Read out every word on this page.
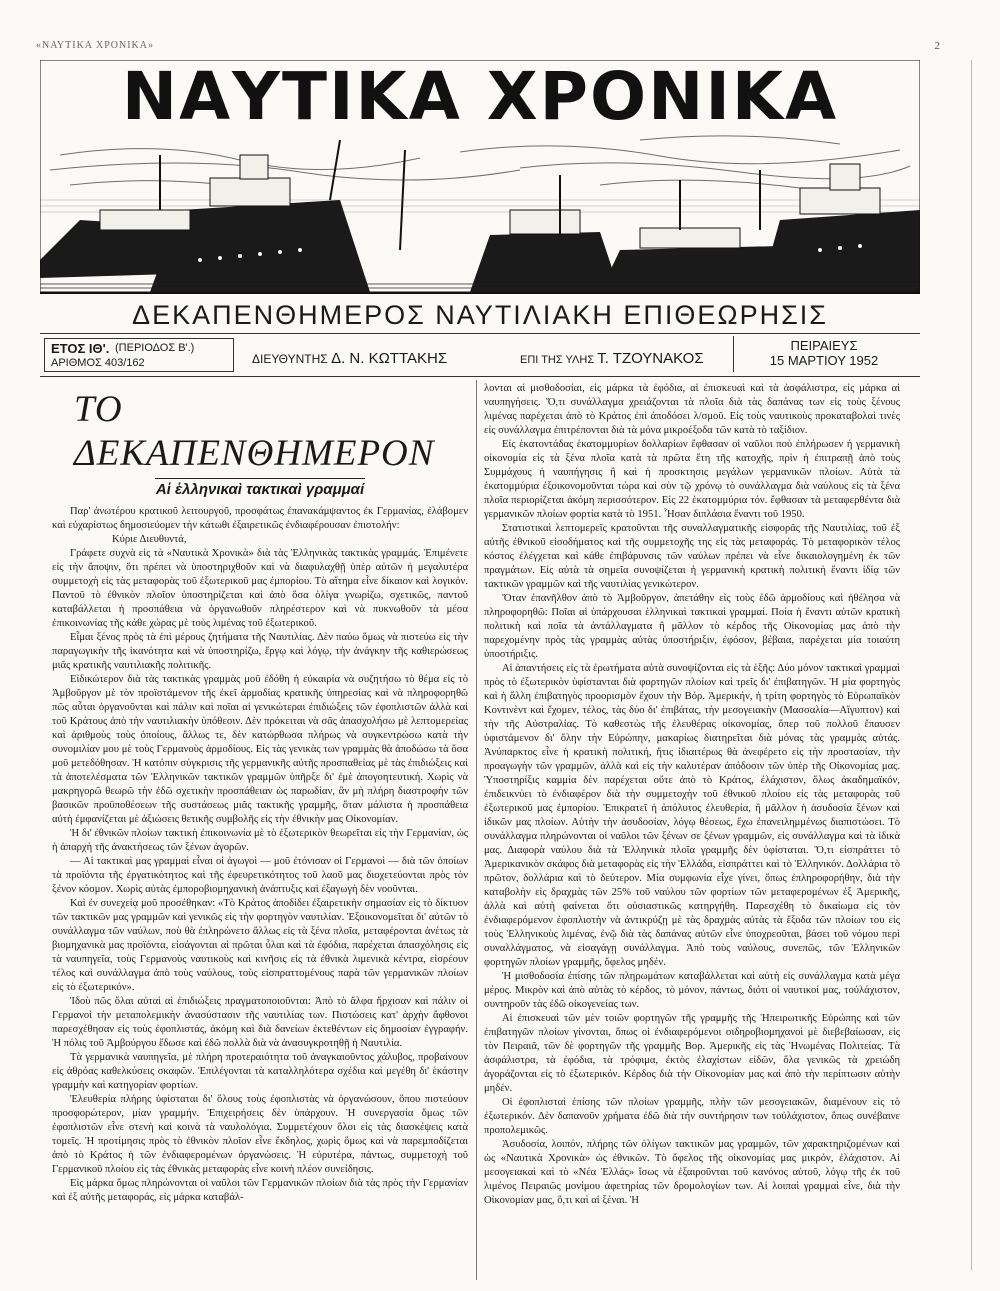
«ΝΑΥΤΙΚΑ ΧΡΟΝΙΚΑ»	2
ΝΑΥΤΙΚΑ ΧΡΟΝΙΚΑ
ΔΕΚΑΠΕΝΘΗΜΕΡΟΣ ΝΑΥΤΙΛΙΑΚΗ ΕΠΙΘΕΩΡΗΣΙΣ
ΕΤΟΣ ΙΘ'. (ΠΕΡΙΟΔΟΣ Β'.)
ΑΡΙΘΜΟΣ 403/162	ΔΙΕΥΘΥΝΤΗΣ Δ. Ν. ΚΩΤΤΑΚΗΣ	ΕΠΙ ΤΗΣ ΥΛΗΣ Τ. ΤΖΟΥΝΑΚΟΣ
ΠΕΙΡΑΙΕΥΣ
15 ΜΑΡΤΙΟΥ 1952
ΤΟ ΔΕΚΑΠΕΝΘΗΜΕΡΟΝ
Αἱ ἑλληνικαὶ τακτικαὶ γραμμαί

Παρ' ἀνωτέρου κρατικοῦ λειτουργοῦ, προσφάτως ἐπανακάμψαντος ἐκ Γερμανίας, ἐλάβομεν καὶ εὐχαρίστως δημοσιεύομεν τὴν κάτωθι ἐξαιρετικῶς ἐνδιαφέρουσαν ἐπιστολήν:

Κύριε Διευθυντά,

Γράφετε συχνὰ εἰς τὰ «Ναυτικὰ Χρονικὰ» διὰ τὰς Ἑλληνικὰς τακτικὰς γραμμάς. Ἐπιμένετε εἰς τὴν ἄποψιν, ὅτι πρέπει νὰ ὑποστηριχθοῦν καὶ νὰ διαφυλαχθῇ ὑπὲρ αὐτῶν ἡ μεγαλυτέρα συμμετοχὴ εἰς τὰς μεταφορὰς τοῦ ἐξωτερικοῦ μας ἐμπορίου. Τὸ αἴτημα εἶνε δίκαιον καὶ λογικόν. Παντοῦ τὸ ἐθνικὸν πλοῖον ὑποστηρίζεται καὶ ἀπὸ ὅσα ὀλίγα γνωρίζω, σχετικῶς, παντοῦ καταβάλλεται ἡ προσπάθεια νὰ ὀργανωθοῦν πληρέστερον καὶ νὰ πυκνωθοῦν τὰ μέσα ἐπικοινωνίας τῆς κάθε χώρας μὲ τοὺς λιμένας τοῦ ἐξωτερικοῦ.

Εἶμαι ξένος πρὸς τὰ ἐπὶ μέρους ζητήματα τῆς Ναυτιλίας. Δὲν παύω ὅμως νὰ πιστεύω εἰς τὴν παραγωγικὴν τῆς ἱκανότητα καὶ νὰ ὑποστηρίζω, ἔργῳ καὶ λόγῳ, τὴν ἀνάγκην τῆς καθιερώσεως μιᾶς κρατικῆς ναυτιλιακῆς πολιτικῆς.

Εἰδικώτερον διὰ τὰς τακτικὰς γραμμὰς μοῦ ἐδόθη ἡ εὐκαιρία νὰ συζητήσω τὸ θέμα εἰς τὸ Ἀμβοῦργον μὲ τὸν προϊστάμενον τῆς ἐκεῖ ἁρμοδίας κρατικῆς ὑπηρεσίας καὶ νὰ πληροφορηθῶ πῶς αὗται ὀργανοῦνται καὶ πάλιν καὶ ποῖαι αἱ γενικώτεραι ἐπιδιώξεις τῶν ἐφοπλιστῶν ἀλλὰ καὶ τοῦ Κράτους ἀπὸ τὴν ναυτιλιακὴν ὑπόθεσιν. Δὲν πρόκειται νὰ σᾶς ἀπασχολήσω μὲ λεπτομερείας καὶ ἀριθμοὺς τοὺς ὁποίους, ἄλλως τε, δὲν κατώρθωσα πλήρως νὰ συγκεντρώσω κατὰ τὴν συνομιλίαν μου μὲ τοὺς Γερμανοὺς ἁρμοδίους. Εἰς τὰς γενικὰς των γραμμὰς θὰ ἀποδώσω τὰ ὅσα μοῦ μετεδόθησαν. Ἡ κατόπιν σύγκρισις τῆς γερμανικῆς αὐτῆς προσπαθείας μὲ τὰς ἐπιδιώξεις καὶ τὰ ἀποτελέσματα τῶν Ἑλληνικῶν τακτικῶν γραμμῶν ὑπῆρξε δι' ἐμὲ ἀπογοητευτική. Χωρὶς νὰ μακρηγορῶ θεωρῶ τὴν ἐδῶ σχετικὴν προσπάθειαν ὡς παρωδίαν, ἂν μὴ πλήρη διαστροφὴν τῶν βασικῶν προϋποθέσεων τῆς συστάσεως μιᾶς τακτικῆς γραμμῆς, ὅταν μάλιστα ἡ προσπάθεια αὐτὴ ἐμφανίζεται μὲ ἀξιώσεις θετικῆς συμβολῆς εἰς τὴν ἐθνικὴν μας Οἰκονομίαν.

Ἡ δι' ἐθνικῶν πλοίων τακτικὴ ἐπικοινωνία μὲ τὸ ἐξωτερικὸν θεωρεῖται εἰς τὴν Γερμανίαν, ὡς ἡ ἀπαρχὴ τῆς ἀνακτήσεως τῶν ξένων ἀγορῶν.

— Αἱ τακτικαὶ μας γραμμαὶ εἶναι οἱ ἀγωγοὶ — μοῦ ἐτόνισαν οἱ Γερμανοὶ — διὰ τῶν ὁποίων τὰ προϊόντα τῆς ἐργατικότητος καὶ τῆς ἐφευρετικότητος τοῦ λαοῦ μας διοχετεύονται πρὸς τὸν ξένον κόσμον. Χωρὶς αὐτὰς ἐμποροβιομηχανικὴ ἀνάπτυξις καὶ ἐξαγωγὴ δὲν νοοῦνται.

Καὶ ἐν συνεχείᾳ μοῦ προσέθηκαν: «Τὸ Κράτος ἀποδίδει ἐξαιρετικὴν σημασίαν εἰς τὸ δίκτυον τῶν τακτικῶν μας γραμμῶν καὶ γενικῶς εἰς τὴν φορτηγὸν ναυτιλίαν. Ἐξοικονομεῖται δι' αὐτῶν τὸ συνάλλαγμα τῶν ναύλων, ποὺ θὰ ἐπληρώνετο ἄλλως εἰς τὰ ξένα πλοῖα, μεταφέρονται ἀνέτως τὰ βιομηχανικὰ μας προϊόντα, εἰσάγονται αἱ πρῶται ὗλαι καὶ τὰ ἐφόδια, παρέχεται ἀπασχόλησις εἰς τὰ ναυπηγεῖα, τοὺς Γερμανοὺς ναυτικοὺς καὶ κινῆσις εἰς τὰ ἐθνικὰ λιμενικὰ κέντρα, εἰσρέουν τέλος καὶ συνάλλαγμα ἀπὸ τοὺς ναύλους, τοὺς εἰσπραττομένους παρὰ τῶν γερμανικῶν πλοίων εἰς τὸ ἐξωτερικόν».

Ἰδοὺ πῶς ὅλαι αὐταὶ αἱ ἐπιδιώξεις πραγματοποιοῦνται: Ἀπὸ τὸ ἄλφα ἤρχισαν καὶ πάλιν οἱ Γερμανοὶ τὴν μεταπολεμικὴν ἀνασύστασιν τῆς ναυτιλίας των. Πιστώσεις κατ' ἀρχὴν ἄφθονοι παρεσχέθησαν εἰς τοὺς ἐφοπλιστάς, ἀκόμη καὶ διὰ δανείων ἐκτεθέντων εἰς δημοσίαν ἐγγραφήν. Ἡ πόλις τοῦ Ἀμβούργου ἔδωσε καὶ ἐδῶ πολλὰ διὰ νὰ ἀνασυγκροτηθῇ ἡ Ναυτιλία.

Τὰ γερμανικὰ ναυπηγεῖα, μὲ πλήρη προτεραιότητα τοῦ ἀναγκαιοῦντος χάλυβος, προβαίνουν εἰς ἀθρόας καθελκύσεις σκαφῶν. Ἐπιλέγονται τὰ καταλληλότερα σχέδια καὶ μεγέθη δι' ἑκάστην γραμμὴν καὶ κατηγορίαν φορτίων.

Ἐλευθερία πλήρης ὑφίσταται δι' ὅλους τοὺς ἐφοπλιστὰς νὰ ὀργανώσουν, ὅπου πιστεύουν προσφορώτερον, μίαν γραμμήν. Ἐπιχειρήσεις δὲν ὑπάρχουν. Ἡ συνεργασία ὅμως τῶν ἐφοπλιστῶν εἶνε στενὴ καὶ κοινὰ τὰ ναυλολόγια. Συμμετέχουν ὅλοι εἰς τὰς διασκέψεις κατὰ τομεῖς. Ἡ προτίμησις πρὸς τὸ ἐθνικὸν πλοῖον εἶνε ἔκδηλος, χωρὶς ὅμως καὶ νὰ παρεμποδίζεται ἀπὸ τὸ Κράτος ἡ τῶν ἐνδιαφερομένων ὀργανώσεις. Ἡ εὐρυτέρα, πάντως, συμμετοχὴ τοῦ Γερμανικοῦ πλοίου εἰς τὰς ἐθνικὰς μεταφορὰς εἶνε κοινὴ πλέον συνείδησις.

Εἰς μάρκα ὅμως πληρώνονται οἱ ναῦλοι τῶν Γερμανικῶν πλοίων διὰ τὰς πρὸς τὴν Γερμανίαν καὶ ἐξ αὐτῆς μεταφοράς, εἰς μάρκα καταβάλ-

λονται αἱ μισθοδοσίαι, εἰς μάρκα τὰ ἐφόδια, αἱ ἐπισκευαὶ καὶ τὰ ἀσφάλιστρα, εἰς μάρκα αἱ ναυπηγήσεις. Ὅ,τι συνάλλαγμα χρειάζονται τὰ πλοῖα διὰ τὰς δαπάνας των εἰς τοὺς ξένους λιμένας παρέχεται ἀπὸ τὸ Κράτος ἐπὶ ἀποδόσει λ/σμοῦ. Εἰς τοὺς ναυτικοὺς προκαταβολαὶ τινὲς εἰς συνάλλαγμα ἐπιτρέπονται διὰ τὰ μόνα μικροέξοδα τῶν κατὰ τὸ ταξίδιον.

Εἰς ἑκατοντάδας ἑκατομμυρίων δολλαρίων ἔφθασαν οἱ ναῦλοι ποὺ ἐπλήρωσεν ἡ γερμανικὴ οἰκονομία εἰς τὰ ξένα πλοῖα κατὰ τὰ πρῶτα ἔτη τῆς κατοχῆς, πρὶν ἡ ἐπιτραπῇ ἀπὸ τοὺς Συμμάχους ἡ ναυπήγησις ἢ καὶ ἡ προσκτησις μεγάλων γερμανικῶν πλοίων. Αὐτὰ τὰ ἑκατομμύρια ἐξοικονομοῦνται τώρα καὶ σὺν τῷ χρόνῳ τὸ συνάλλαγμα διὰ ναύλους εἰς τὰ ξένα πλοῖα περιορίζεται ἀκόμη περισσότερον. Εἰς 22 ἑκατομμύρια τόν. ἔφθασαν τὰ μεταφερθέντα διὰ γερμανικῶν πλοίων φορτία κατὰ τὸ 1951. Ἦσαν διπλάσια ἔναντι τοῦ 1950.

Στατιστικαὶ λεπτομερεῖς κρατοῦνται τῆς συναλλαγματικῆς εἰσφορᾶς τῆς Ναυτιλίας, τοῦ ἐξ αὐτῆς ἐθνικοῦ εἰσοδήματος καὶ τῆς συμμετοχῆς της εἰς τὰς μεταφοράς. Τὸ μεταφορικὸν τέλος κόστος ἐλέγχεται καὶ κάθε ἐπιβάρυνσις τῶν ναύλων πρέπει νὰ εἶνε δικαιολογημένη ἐκ τῶν πραγμάτων. Εἰς αὐτὰ τὰ σημεῖα συνοψίζεται ἡ γερμανικὴ κρατικὴ πολιτικὴ ἔναντι ἰδίᾳ τῶν τακτικῶν γραμμῶν καὶ τῆς ναυτιλίας γενικώτερον.

Ὅταν ἐπανῆλθον ἀπὸ τὸ Ἀμβοῦργον, ἀπετάθην εἰς τοὺς ἐδῶ ἁρμοδίους καὶ ἠθέλησα νὰ πληροφορηθῶ: Ποῖαι αἱ ὑπάρχουσαι ἑλληνικαὶ τακτικαὶ γραμμαί. Ποία ἡ ἔναντι αὐτῶν κρατικὴ πολιτικὴ καὶ ποῖα τὰ ἀντάλλαγματα ἢ μᾶλλον τὸ κέρδος τῆς Οἰκονομίας μας ἀπὸ τὴν παρεχομένην πρὸς τὰς γραμμὰς αὐτὰς ὑποστήριξιν, ἐφόσον, βέβαια, παρέχεται μία τοιαύτη ὑποστήριξις.

Αἱ ἀπαντήσεις εἰς τὰ ἐρωτήματα αὐτὰ συνοψίζονται εἰς τὰ ἑξῆς: Δύο μόνον τακτικαὶ γραμμαὶ πρὸς τὸ ἐξωτερικὸν ὑφίστανται διὰ φορτηγῶν πλοίων καὶ τρεῖς δι' ἐπιβατηγῶν. Ἡ μία φορτηγὸς καὶ ἡ ἄλλη ἐπιβατηγὸς προορισμὸν ἔχουν τὴν Βόρ. Ἀμερικήν, ἡ τρίτη φορτηγὸς τὸ Εὐρωπαϊκὸν Κοντινὲντ καὶ ἔχομεν, τέλος, τὰς δύο δι' ἐπιβάτας, τὴν μεσογειακὴν (Μασσαλία—Αἴγυπτον) καὶ τὴν τῆς Αὐστραλίας. Τὸ καθεστὼς τῆς ἐλευθέρας οἰκονομίας, ὅπερ τοῦ πολλοῦ ἔπαυσεν ὑφιστάμενον δι' ὅλην τὴν Εὐρώπην, μακαρίως διατηρεῖται διὰ μόνας τὰς γραμμὰς αὐτάς. Ἀνύπαρκτος εἶνε ἡ κρατικὴ πολιτική, ἥτις ἰδιαιτέρως θὰ ἀνεφέρετο εἰς τὴν προστασίαν, τὴν προαγωγὴν τῶν γραμμῶν, ἀλλὰ καὶ εἰς τὴν καλυτέραν ἀπόδοσιν τῶν ὑπὲρ τῆς Οἰκονομίας μας. Ὑποστηρίξις καμμία δὲν παρέχεται οὔτε ἀπὸ τὸ Κράτος, ἐλάχιστον, ὅλως ἀκαδημαϊκόν, ἐπιδεικνύει τὸ ἐνδιαφέρον διὰ τὴν συμμετοχὴν τοῦ ἐθνικοῦ πλοίου εἰς τὰς μεταφορὰς τοῦ ἐξωτερικοῦ μας ἐμπορίου. Ἐπικρατεῖ ἡ ἀπόλυτος ἐλευθερία, ἢ μᾶλλον ἡ ἀσυδοσία ξένων καὶ ἰδικῶν μας πλοίων. Αὐτὴν τὴν ἀσυδοσίαν, λόγῳ θέσεως, ἔχω ἐπανειλημμένως διαπιστώσει. Τὸ συνάλλαγμα πληρώνονται οἱ ναῦλοι τῶν ξένων σε ξένων γραμμῶν, εἰς συνάλλαγμα καὶ τὰ ἰδικὰ μας. Διαφορὰ ναύλου διὰ τὰ Ἑλληνικὰ πλοῖα γραμμῆς δὲν ὑφίσταται. Ὅ,τι εἰσπράττει τὸ Ἀμερικανικὸν σκάφος διὰ μεταφορὰς εἰς τὴν Ἑλλάδα, εἰσπράττει καὶ τὸ Ἑλληνικόν. Δολλάρια τὸ πρῶτον, δολλάρια καὶ τὸ δεύτερον. Μία συμφωνία εἶχε γίνει, ὅπως ἐπληροφορήθην, διὰ τὴν καταβολὴν εἰς δραχμὰς τῶν 25% τοῦ ναύλου τῶν φορτίων τῶν μεταφερομένων ἐξ Ἀμερικῆς, ἀλλὰ καὶ αὐτὴ φαίνεται ὅτι οὐσιαστικῶς κατηργήθη. Παρεσχέθη τὸ δικαίωμα εἰς τὸν ἐνδιαφερόμενον ἐφοπλιστὴν νὰ ἀντικρύζῃ μὲ τὰς δραχμὰς αὐτὰς τὰ ἔξοδα τῶν πλοίων του εἰς τοὺς Ἑλληνικοὺς λιμένας, ἐνῷ διὰ τὰς δαπάνας αὐτῶν εἶνε ὑποχρεοῦται, βάσει τοῦ νόμου περὶ συναλλάγματος, νὰ εἰσαγάγῃ συνάλλαγμα. Ἀπὸ τοὺς ναύλους, συνεπῶς, τῶν Ἑλληνικῶν φορτηγῶν πλοίων γραμμῆς, ὄφελος μηδέν.

Ἡ μισθοδοσία ἐπίσης τῶν πληρωμάτων καταβάλλεται καὶ αὐτὴ εἰς συνάλλαγμα κατὰ μέγα μέρος. Μικρὸν καὶ ἀπὸ αὐτὰς τὸ κέρδος, τὸ μόνον, πάντως, διότι οἱ ναυτικοί μας, τοὐλάχιστον, συντηροῦν τὰς ἐδῶ οἰκογενείας των.

Αἱ ἐπισκευαὶ τῶν μὲν τοιῶν φορτηγῶν τῆς γραμμῆς τῆς Ἠπειρωτικῆς Εὐρώπης καὶ τῶν ἐπιβατηγῶν πλοίων γίνονται, ὅπως οἱ ἐνδιαφερόμενοι σιδηροβιομηχανοὶ μὲ διεβεβαίωσαν, εἰς τὸν Πειραιᾶ, τῶν δὲ φορτηγῶν τῆς γραμμῆς Βορ. Ἀμερικῆς εἰς τὰς Ἡνωμένας Πολιτείας. Τὰ ἀσφάλιστρα, τὰ ἐφόδια, τὰ τρόφιμα, ἐκτὸς ἐλαχίστων εἰδῶν, ὅλα γενικῶς τὰ χρειώδη ἀγοράζονται εἰς τὸ ἐξωτερικόν. Κέρδος διὰ τὴν Οἰκονομίαν μας καὶ ἀπὸ τὴν περίπτωσιν αὐτὴν μηδέν.

Οἱ ἐφοπλισταὶ ἐπίσης τῶν πλοίων γραμμῆς, πλὴν τῶν μεσογειακῶν, διαμένουν εἰς τὸ ἐξωτερικόν. Δὲν δαπανοῦν χρήματα ἐδῶ διὰ τὴν συντήρησιν των τοὐλάχιστον, ὅπως συνέβαινε προπολεμικῶς.

Ἀσυδοσία, λοιπόν, πλήρης τῶν ὀλίγων τακτικῶν μας γραμμῶν, τῶν χαρακτηριζομένων καὶ ὡς «Ναυτικὰ Χρονικὰ» ὡς ἐθνικῶν. Τὸ ὄφελος τῆς οἰκονομίας μας μικρόν, ἐλάχιστον. Αἱ μεσογειακαὶ καὶ τὸ «Νέα Ἑλλάς» ἴσως νὰ ἐξαιροῦνται τοῦ κανόνος αὐτοῦ, λόγῳ τῆς ἐκ τοῦ λιμένος Πειραιῶς μονίμου ἀφετηρίας τῶν δρομολογίων των. Αἱ λοιπαὶ γραμμαὶ εἶνε, διὰ τὴν Οἰκονομίαν μας, ὅ,τι καὶ αἱ ξέναι. Ἡ
